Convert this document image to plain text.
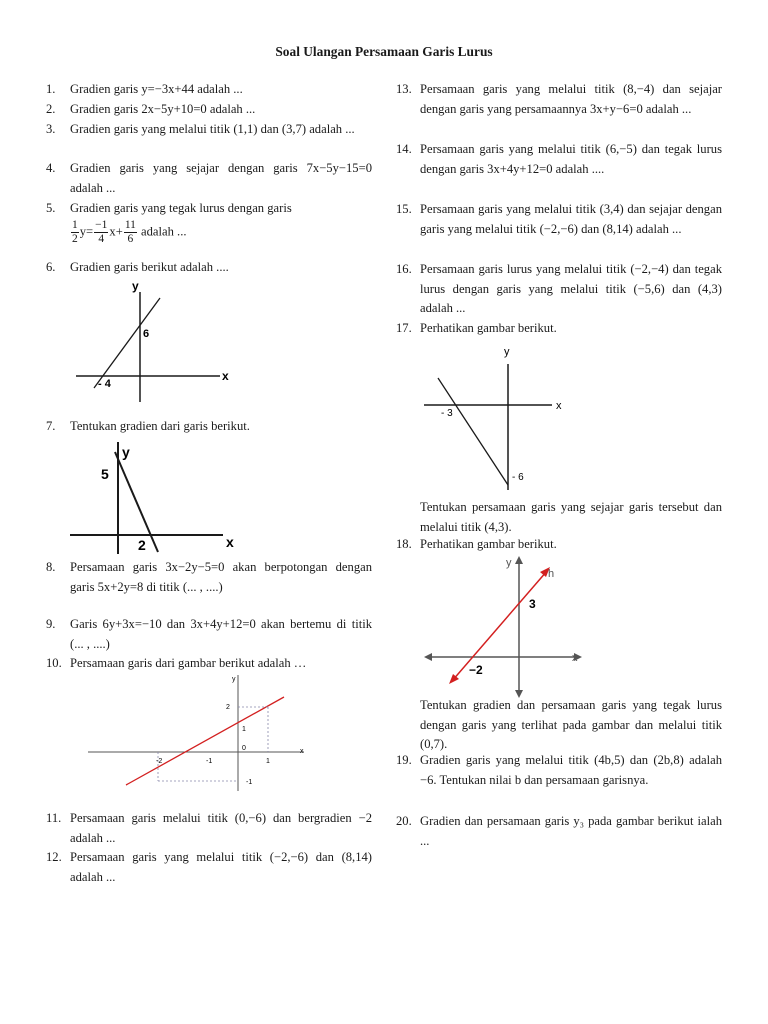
Soal Ulangan Persamaan Garis Lurus
1. Gradien garis y=−3x+44 adalah ...
2. Gradien garis 2x−5y+10=0 adalah ...
3. Gradien garis yang melalui titik (1,1) dan (3,7) adalah ...
4. Gradien garis yang sejajar dengan garis 7x−5y−15=0 adalah ...
5. Gradien garis yang tegak lurus dengan garis
$\frac{1}{2} y= \frac{-1}{4} x+ \frac{11}{6}$ adalah ...
6. Gradien garis berikut adalah ....
y
x
6
- 4
7. Tentukan gradien dari garis berikut.
y
5
2	x
8. Persamaan garis 3x−2y−5=0 akan berpotongan dengan garis 5x+2y=8 di titik (... , ....)
9. Garis 6y+3x=−10 dan 3x+4y+12=0 akan bertemu di titik (... , ....)
10. Persamaan garis dari gambar berikut adalah …
y
x
2
1
0
-1
-2	-1	1
11. Persamaan garis melalui titik (0,−6) dan bergradien −2 adalah ...
12. Persamaan garis yang melalui titik (−2,−6) dan (8,14) adalah ...
13. Persamaan garis yang melalui titik (8,−4) dan sejajar dengan garis yang persamaannya 3x+y−6=0 adalah ...
14. Persamaan garis yang melalui titik (6,−5) dan tegak lurus dengan garis 3x+4y+12=0 adalah ....
15. Persamaan garis yang melalui titik (3,4) dan sejajar dengan garis yang melalui titik (−2,−6) dan (8,14) adalah ...
16. Persamaan garis lurus yang melalui titik (−2,−4) dan tegak lurus dengan garis yang melalui titik (−5,6) dan (4,3) adalah ...
17. Perhatikan gambar berikut.
y
x
- 3
- 6
Tentukan persamaan garis yang sejajar garis tersebut dan melalui titik (4,3).
18. Perhatikan gambar berikut.
y
x
h
3
−2
Tentukan gradien dan persamaan garis yang tegak lurus dengan garis yang terlihat pada gambar dan melalui titik (0,7).
19. Gradien garis yang melalui titik (4b,5) dan (2b,8) adalah −6. Tentukan nilai b dan persamaan garisnya.
20. Gradien dan persamaan garis y₃ pada gambar berikut ialah ...
